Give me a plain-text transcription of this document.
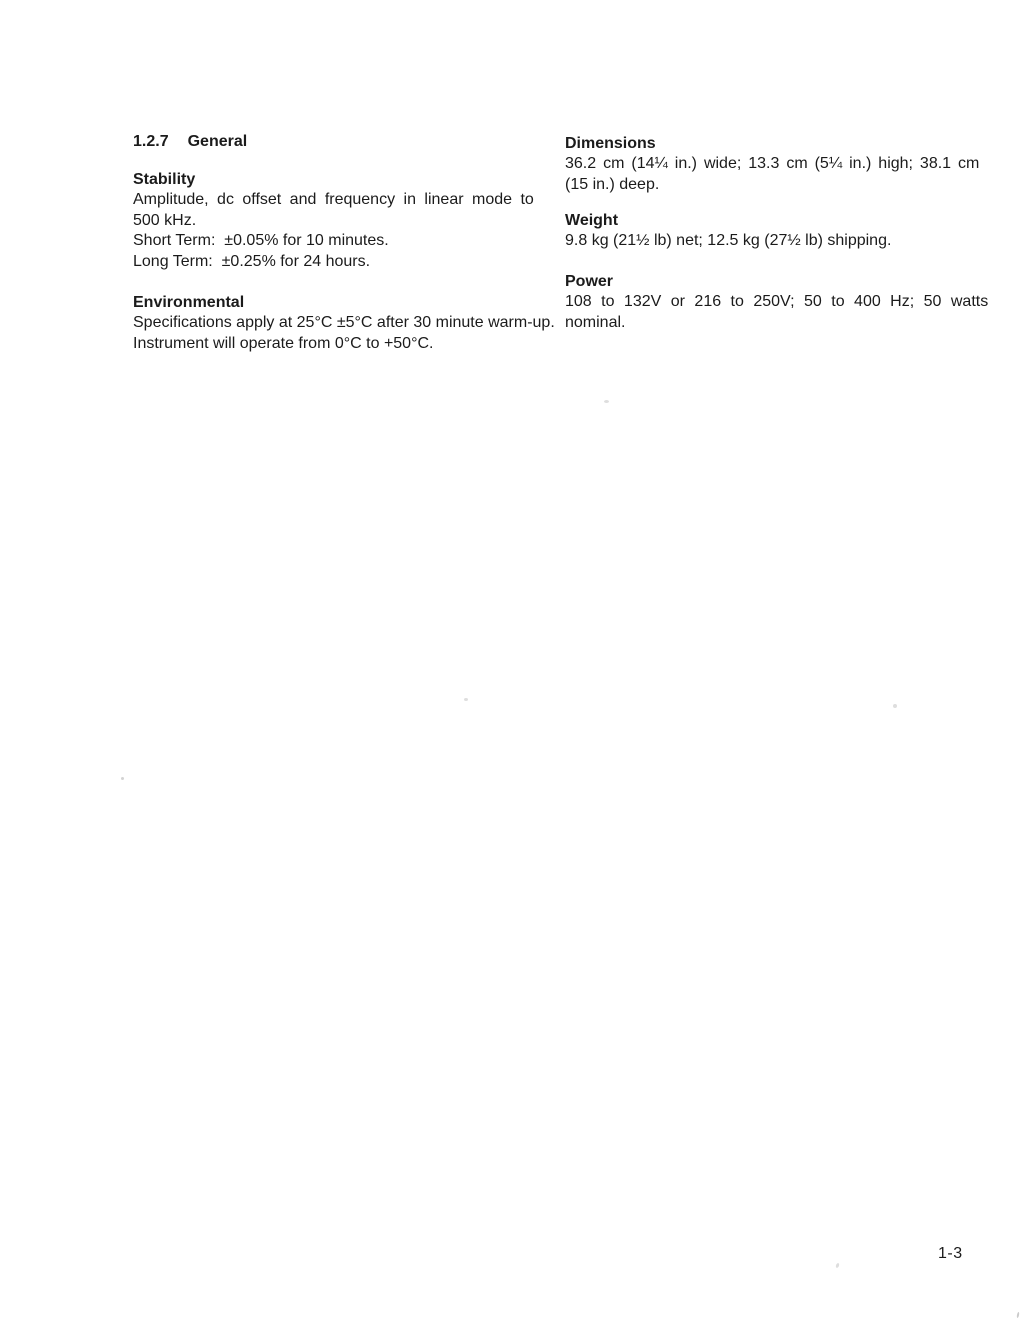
1.2.7 General
Stability
Amplitude, dc offset and frequency in linear mode to
500 kHz.
Short Term:  ±0.05% for 10 minutes.
Long Term:  ±0.25% for 24 hours.
Environmental
Specifications apply at 25°C ±5°C after 30 minute warm-up.
Instrument will operate from 0°C to +50°C.
Dimensions
36.2 cm (14¼ in.) wide; 13.3 cm (5¼ in.) high; 38.1 cm
(15 in.) deep.
Weight
9.8 kg (21½ lb) net; 12.5 kg (27½ lb) shipping.
Power
108 to 132V or 216 to 250V; 50 to 400 Hz; 50 watts
nominal.
1-3
